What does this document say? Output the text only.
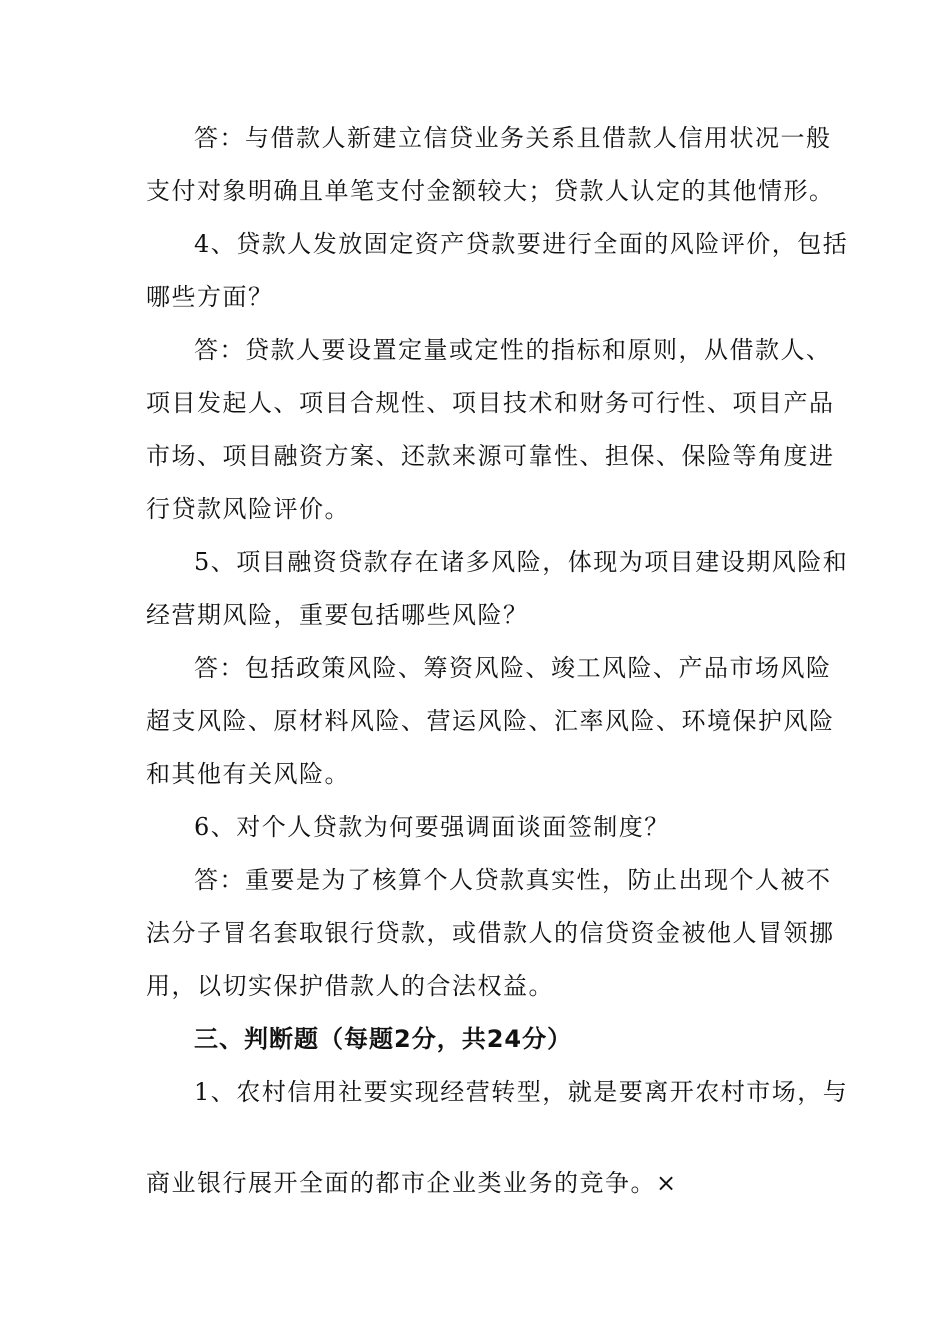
答：与借款人新建立信贷业务关系且借款人信用状况一般
支付对象明确且单笔支付金额较大；贷款人认定的其他情形。
4、贷款人发放固定资产贷款要进行全面的风险评价，包括
哪些方面？
答：贷款人要设置定量或定性的指标和原则，从借款人、
项目发起人、项目合规性、项目技术和财务可行性、项目产品
市场、项目融资方案、还款来源可靠性、担保、保险等角度进
行贷款风险评价。
5、项目融资贷款存在诸多风险，体现为项目建设期风险和
经营期风险，重要包括哪些风险？
答：包括政策风险、筹资风险、竣工风险、产品市场风险
超支风险、原材料风险、营运风险、汇率风险、环境保护风险
和其他有关风险。
6、对个人贷款为何要强调面谈面签制度？
答：重要是为了核算个人贷款真实性，防止出现个人被不
法分子冒名套取银行贷款，或借款人的信贷资金被他人冒领挪
用，以切实保护借款人的合法权益。
三、判断题（每题2分，共24分）
1、农村信用社要实现经营转型，就是要离开农村市场，与
商业银行展开全面的都市企业类业务的竞争。×
